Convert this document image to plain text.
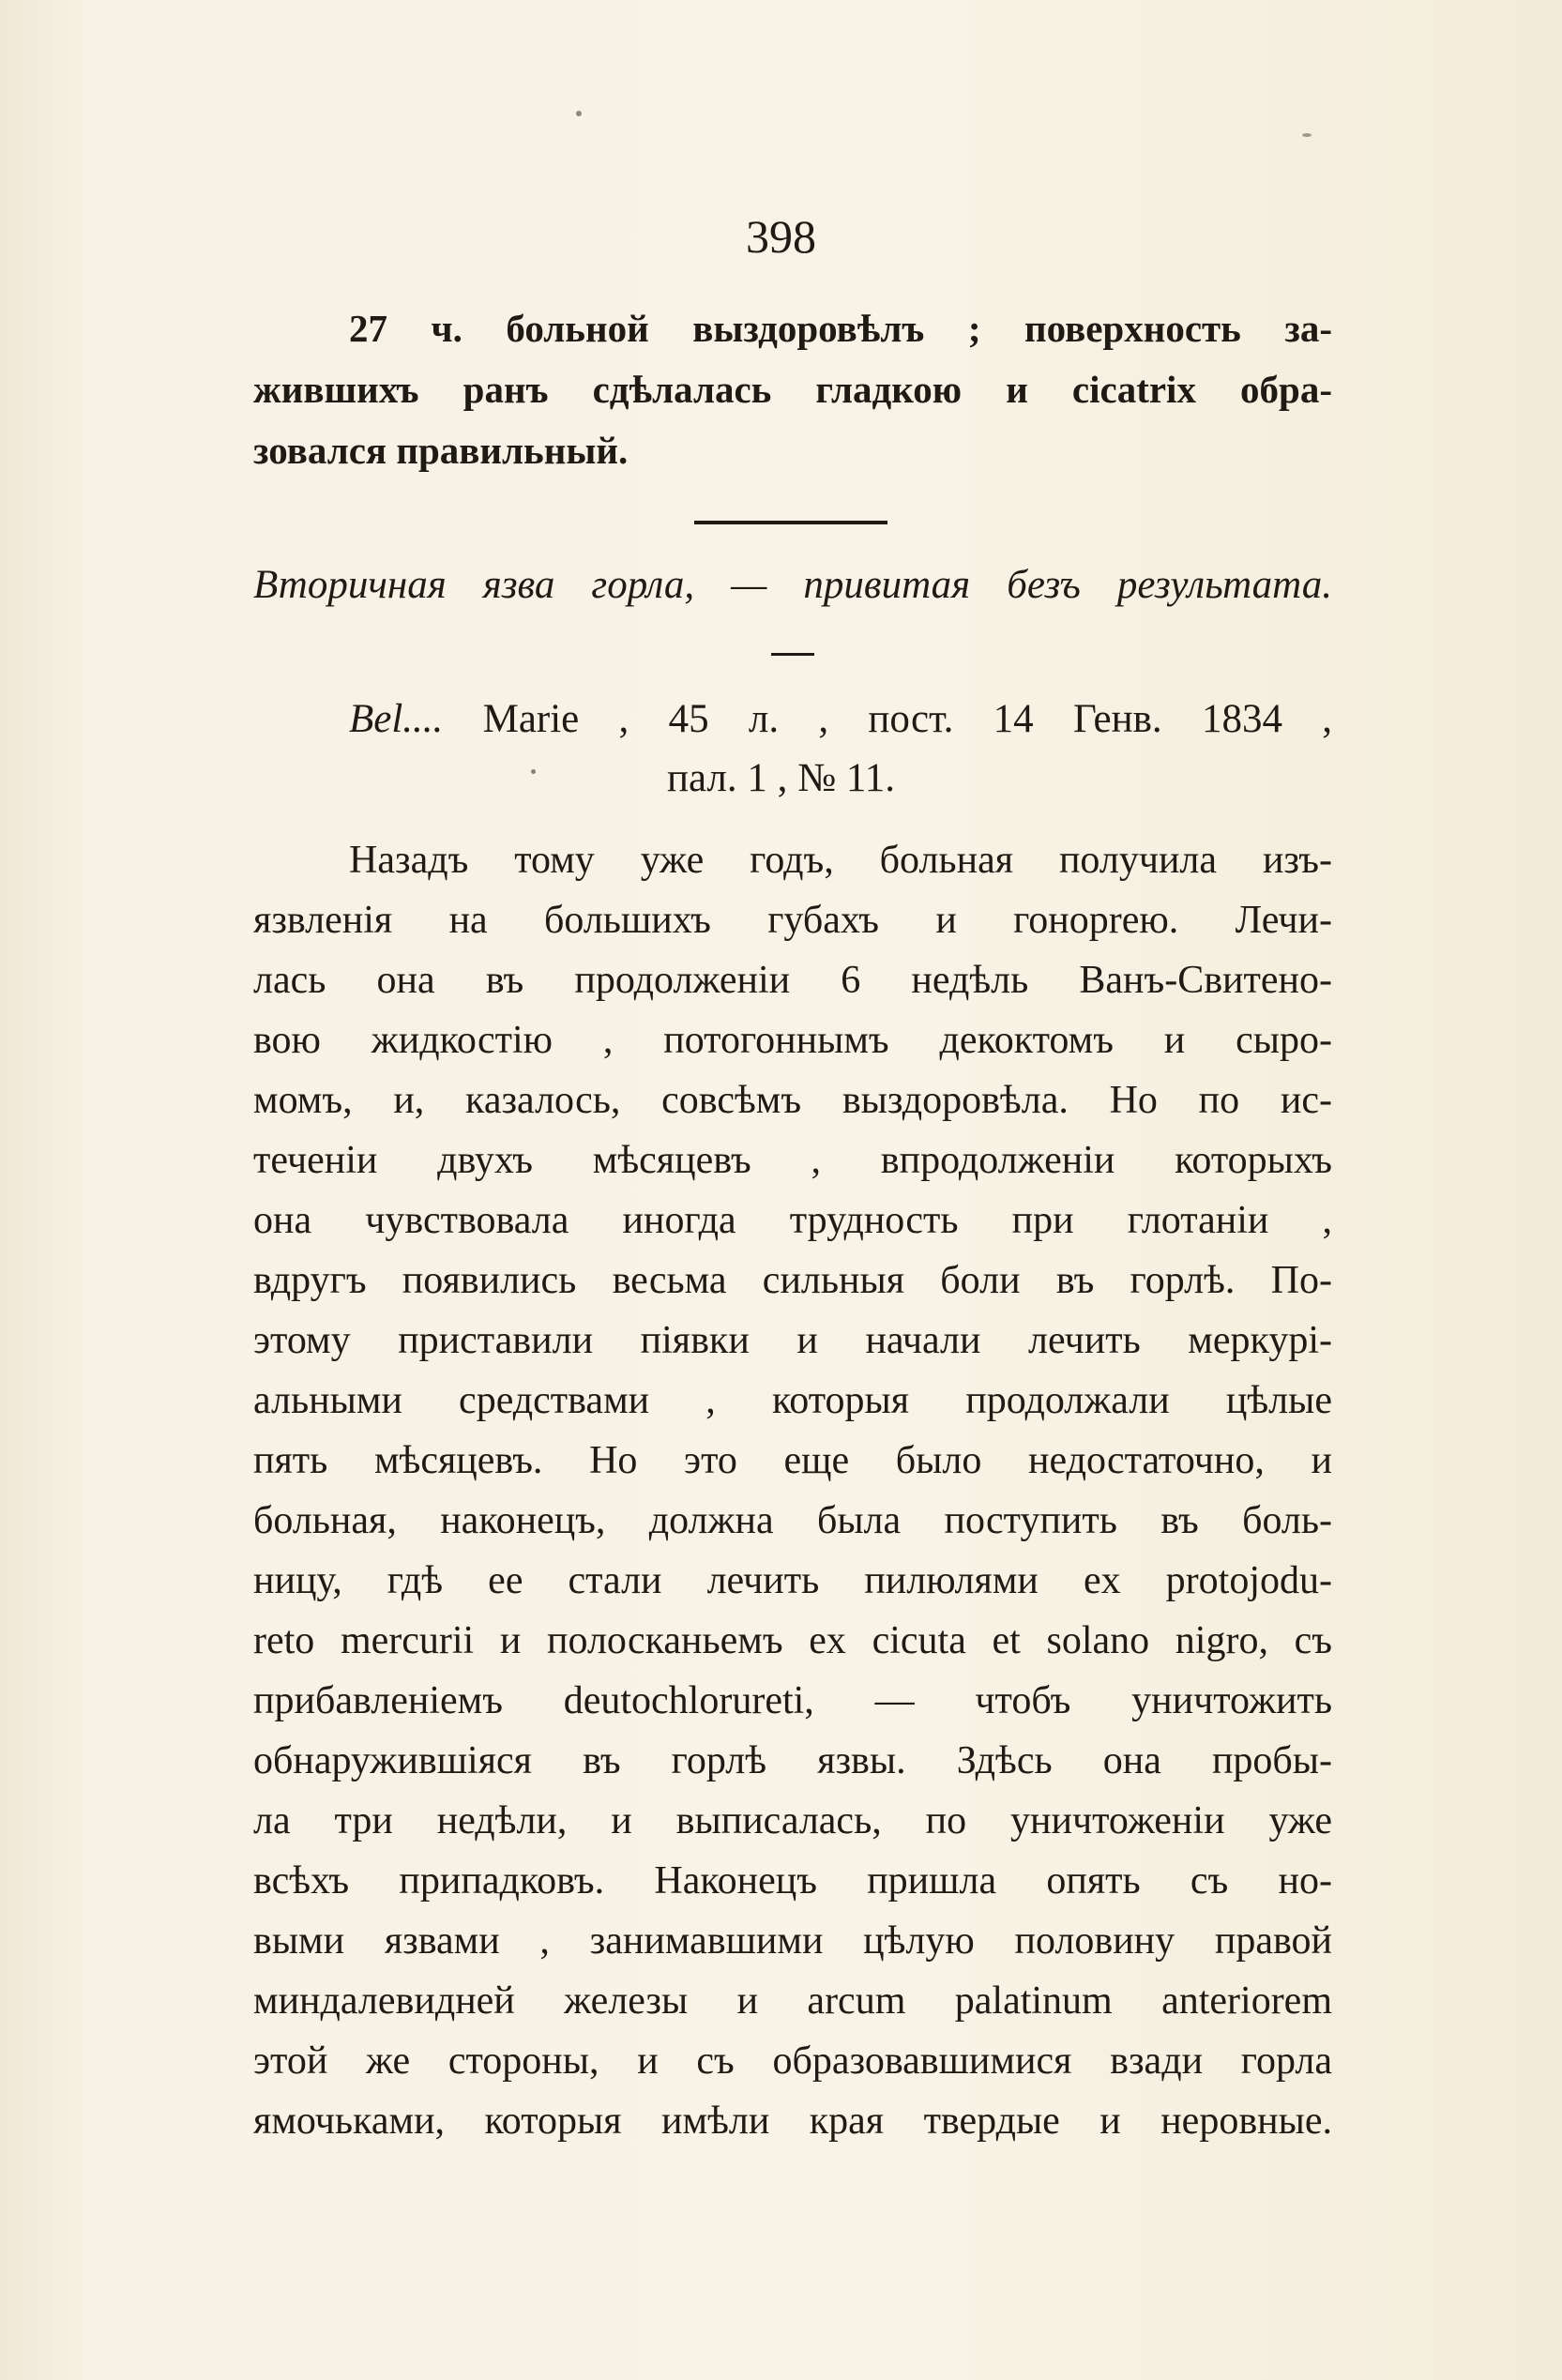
398
27 ч. больной выздоровѣлъ ; поверхность за-
жившихъ ранъ сдѣлалась гладкою и cicatrix обра-
зовался правильный.
Вторичная язва горла, — привитая безъ результата.
Bel.... Marie , 45 л. , пост. 14 Генв. 1834 ,
пал. 1 , № 11.
Назадъ тому уже годъ, больная получила изъ-
язвленія на большихъ губахъ и гонорrею. Лечи-
лась она въ продолженіи 6 недѣль Ванъ-Свитено-
вою жидкостію , потогоннымъ декоктомъ и сыро-
момъ, и, казалось, совсѣмъ выздоровѣла. Но по ис-
теченіи двухъ мѣсяцевъ , впродолженіи которыхъ
она чувствовала иногда трудность при глотаніи ,
вдругъ появились весьма сильныя боли въ горлѣ. По-
этому приставили піявки и начали лечить меркурі-
альными средствами , которыя продолжали цѣлые
пять мѣсяцевъ. Но это еще было недостаточно, и
больная, наконецъ, должна была поступить въ боль-
ницу, гдѣ ее стали лечить пилюлями ex protojodu-
reto mercurii и полосканьемъ ex cicuta et solano nigro, съ
прибавленіемъ deutochlorureti, — чтобъ уничтожить
обнаружившіяся въ горлѣ язвы. Здѣсь она пробы-
ла три недѣли, и выписалась, по уничтоженіи уже
всѣхъ припадковъ. Наконецъ пришла опять съ но-
выми язвами , занимавшими цѣлую половину правой
миндалевидней железы и arcum palatinum anteriorem
этой же стороны, и съ образовавшимися взади горла
ямочьками, которыя имѣли края твердые и неровные.
